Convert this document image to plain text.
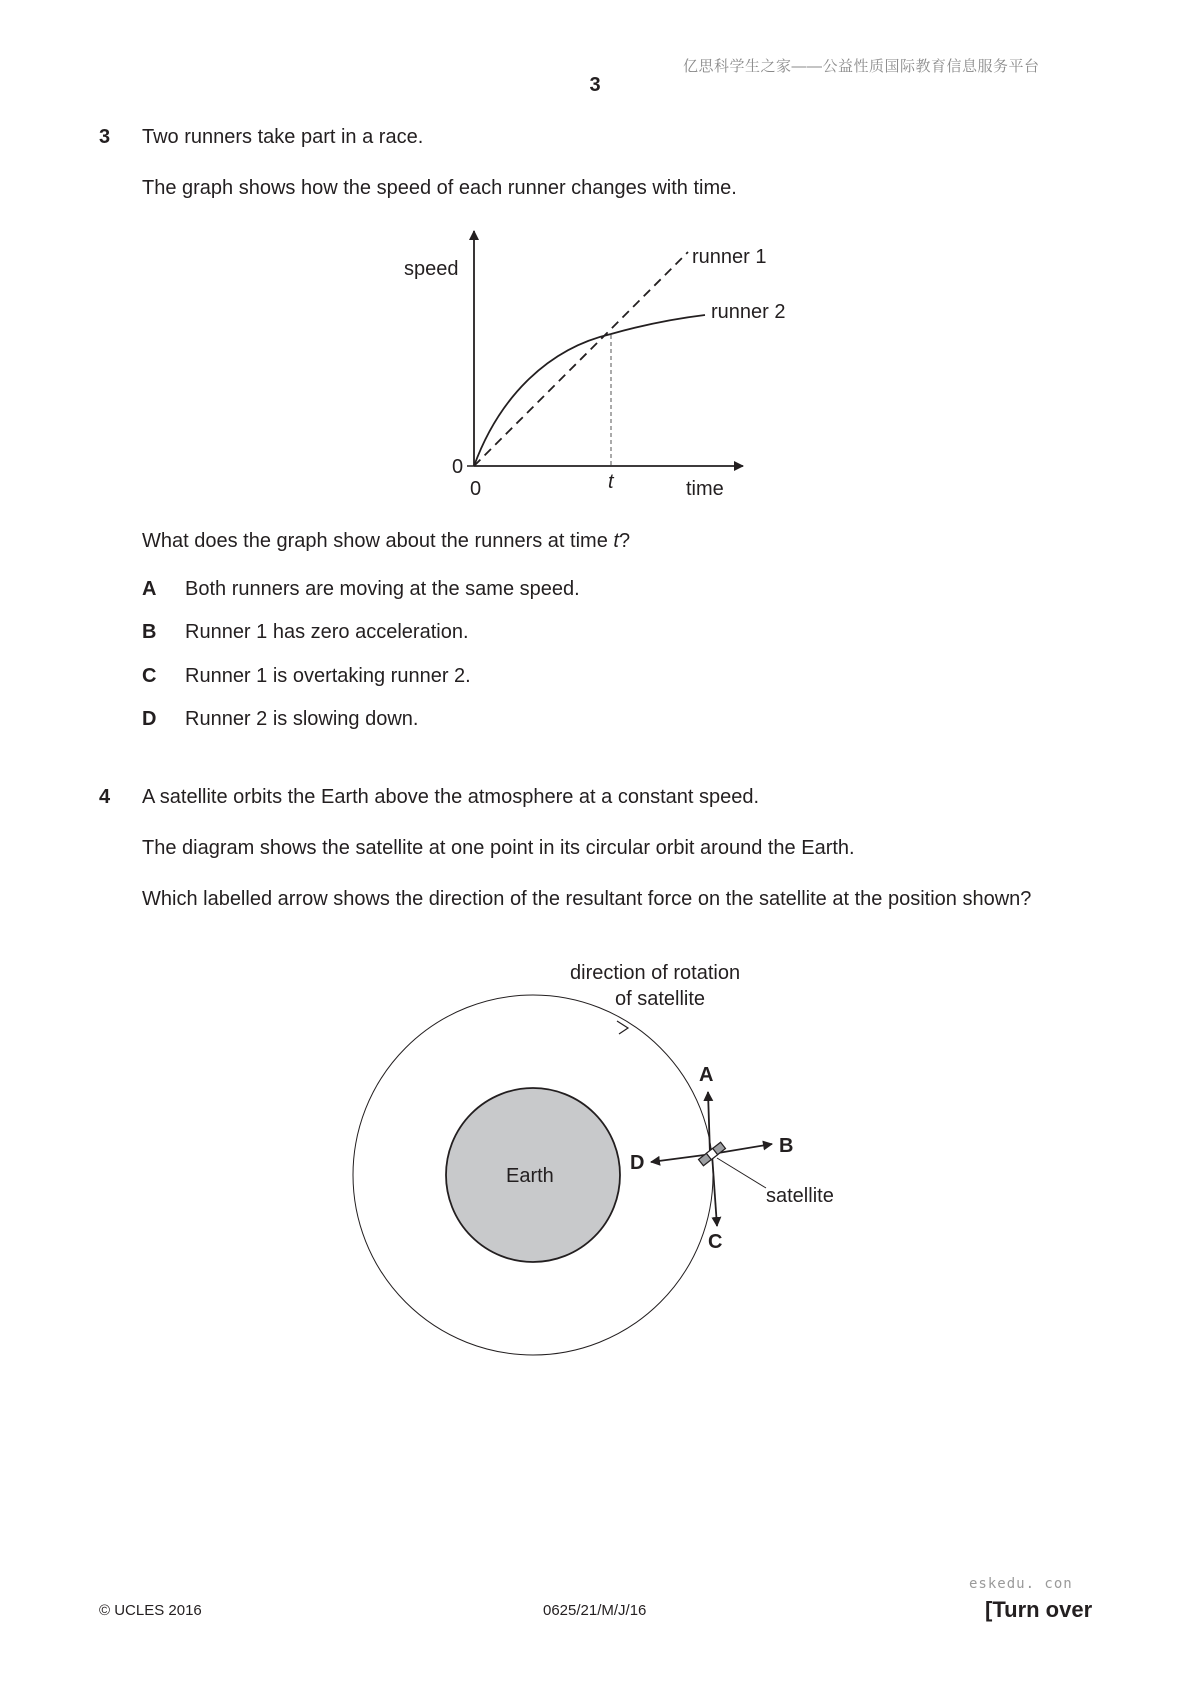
亿思科学生之家——公益性质国际教育信息服务平台
3
3 Two runners take part in a race.
The graph shows how the speed of each runner changes with time.
speed
time
0
0	t
runner 1
runner 2
What does the graph show about the runners at time t?
A Both runners are moving at the same speed.
B Runner 1 has zero acceleration.
C Runner 1 is overtaking runner 2.
D Runner 2 is slowing down.
4 A satellite orbits the Earth above the atmosphere at a constant speed.
The diagram shows the satellite at one point in its circular orbit around the Earth.
Which labelled arrow shows the direction of the resultant force on the satellite at the position shown?
Earth
direction of rotation
of satellite
satellite
A
B
C
D
eskedu. con
© UCLES 2016	0625/21/M/J/16	[Turn over
